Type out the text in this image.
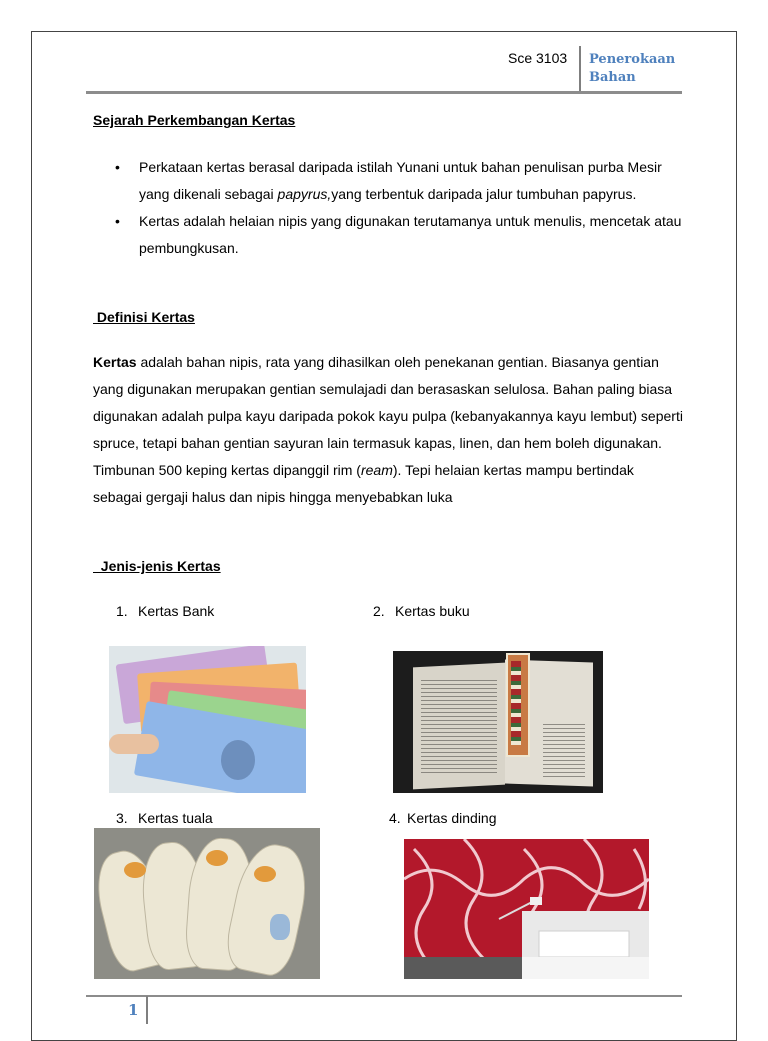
Sce 3103 Penerokaan Bahan
Sejarah Perkembangan Kertas
• Perkataan kertas berasal daripada istilah Yunani untuk bahan penulisan purba Mesir yang dikenali sebagai papyrus,yang terbentuk daripada jalur tumbuhan papyrus.
• Kertas adalah helaian nipis yang digunakan terutamanya untuk menulis, mencetak atau pembungkusan.
Definisi Kertas
Kertas adalah bahan nipis, rata yang dihasilkan oleh penekanan gentian. Biasanya gentian yang digunakan merupakan gentian semulajadi dan berasaskan selulosa. Bahan paling biasa digunakan adalah pulpa kayu daripada pokok kayu pulpa (kebanyakannya kayu lembut) seperti spruce, tetapi bahan gentian sayuran lain termasuk kapas, linen, dan hem boleh digunakan. Timbunan 500 keping kertas dipanggil rim (ream). Tepi helaian kertas mampu bertindak sebagai gergaji halus dan nipis hingga menyebabkan luka
Jenis-jenis Kertas
1. Kertas Bank	2. Kertas buku
3. Kertas tuala	4. Kertas dinding
1
